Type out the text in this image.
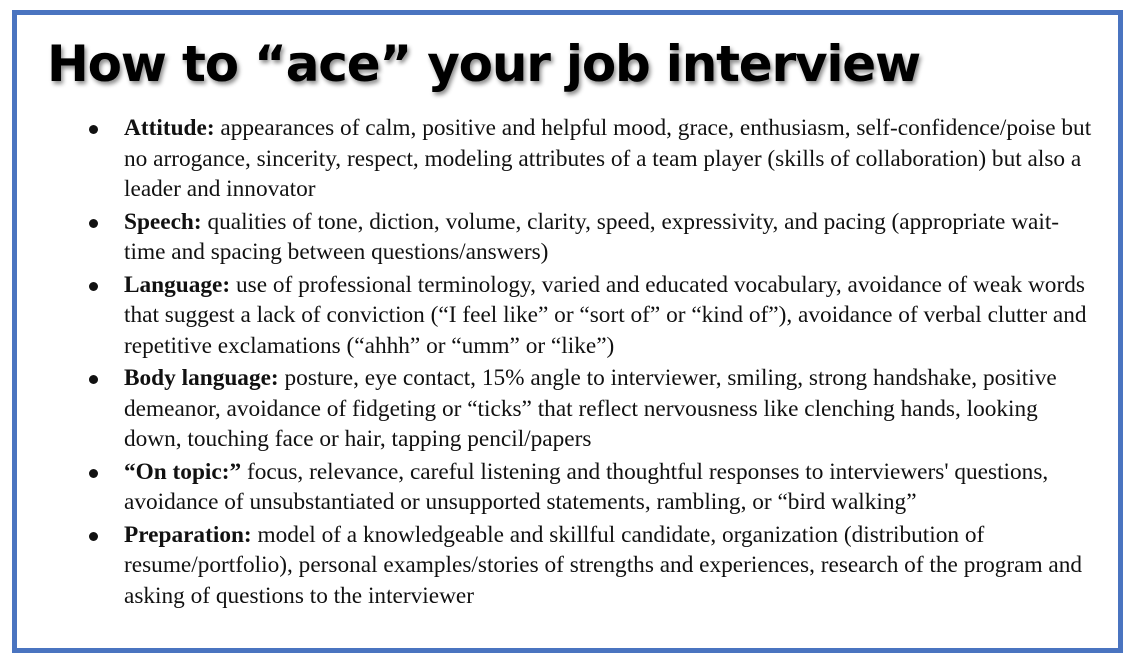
How to “ace” your job interview
Attitude: appearances of calm, positive and helpful mood, grace, enthusiasm, self-confidence/poise but no arrogance, sincerity, respect, modeling attributes of a team player (skills of collaboration) but also a leader and innovator
Speech: qualities of tone, diction, volume, clarity, speed, expressivity, and pacing (appropriate wait-time and spacing between questions/answers)
Language: use of professional terminology, varied and educated vocabulary, avoidance of weak words that suggest a lack of conviction (“I feel like” or “sort of” or “kind of”), avoidance of verbal clutter and repetitive exclamations (“ahhh” or “umm” or “like”)
Body language: posture, eye contact, 15% angle to interviewer, smiling, strong handshake, positive demeanor, avoidance of fidgeting or “ticks” that reflect nervousness like clenching hands, looking down, touching face or hair, tapping pencil/papers
“On topic:” focus, relevance, careful listening and thoughtful responses to interviewers' questions, avoidance of unsubstantiated or unsupported statements, rambling, or “bird walking”
Preparation: model of a knowledgeable and skillful candidate, organization (distribution of resume/portfolio), personal examples/stories of strengths and experiences, research of the program and asking of questions to the interviewer
